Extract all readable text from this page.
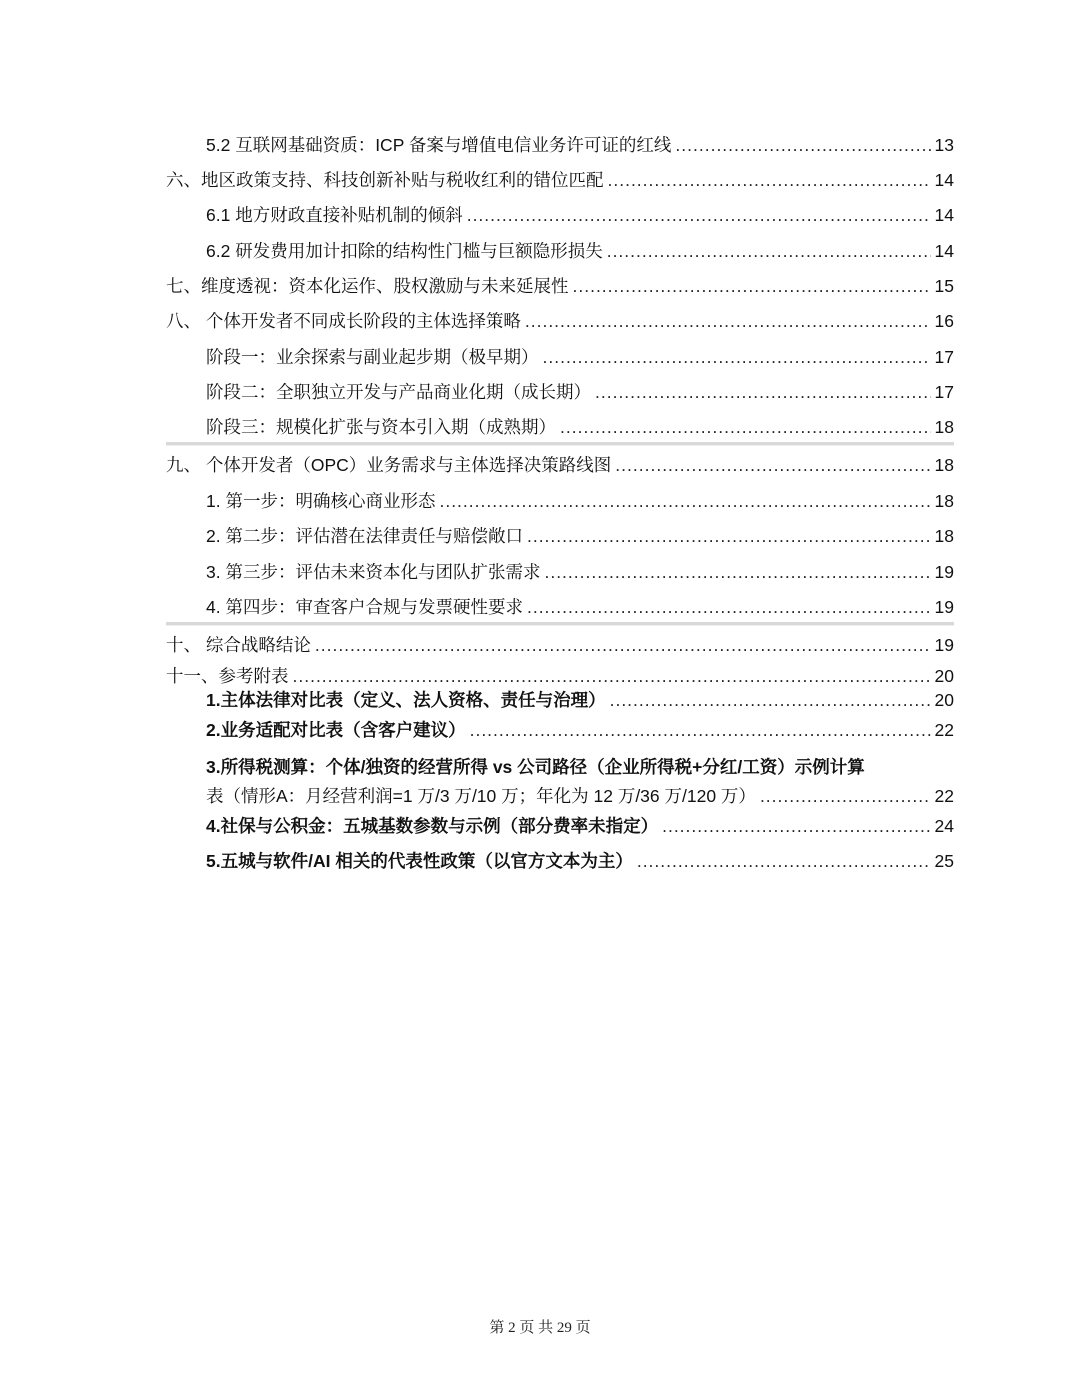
5.2 互联网基础资质：ICP 备案与增值电信业务许可证的红线 .....	13
六、地区政策支持、科技创新补贴与税收红利的错位匹配 .....	14
6.1 地方财政直接补贴机制的倾斜 .....	14
6.2 研发费用加计扣除的结构性门槛与巨额隐形损失 .....	14
七、维度透视：资本化运作、股权激励与未来延展性 .....	15
八、 个体开发者不同成长阶段的主体选择策略 .....	16
阶段一：业余探索与副业起步期（极早期） .....	17
阶段二：全职独立开发与产品商业化期（成长期） .....	17
阶段三：规模化扩张与资本引入期（成熟期） .....	18
九、 个体开发者（OPC）业务需求与主体选择决策路线图 .....	18
1. 第一步：明确核心商业形态 .....	18
2. 第二步：评估潜在法律责任与赔偿敞口 .....	18
3. 第三步：评估未来资本化与团队扩张需求 .....	19
4. 第四步：审查客户合规与发票硬性要求 .....	19
十、 综合战略结论 .....	19
十一、参考附表 .....	20
1.主体法律对比表（定义、法人资格、责任与治理） .....	20
2.业务适配对比表（含客户建议） .....	22
3.所得税测算：个体/独资的经营所得 vs 公司路径（企业所得税+分红/工资）示例计算
表（情形A：月经营利润=1 万/3 万/10 万；年化为 12 万/36 万/120 万） .....	22
4.社保与公积金：五城基数参数与示例（部分费率未指定） .....	24
5.五城与软件/AI 相关的代表性政策（以官方文本为主） .....	25
第 2 页 共 29 页
